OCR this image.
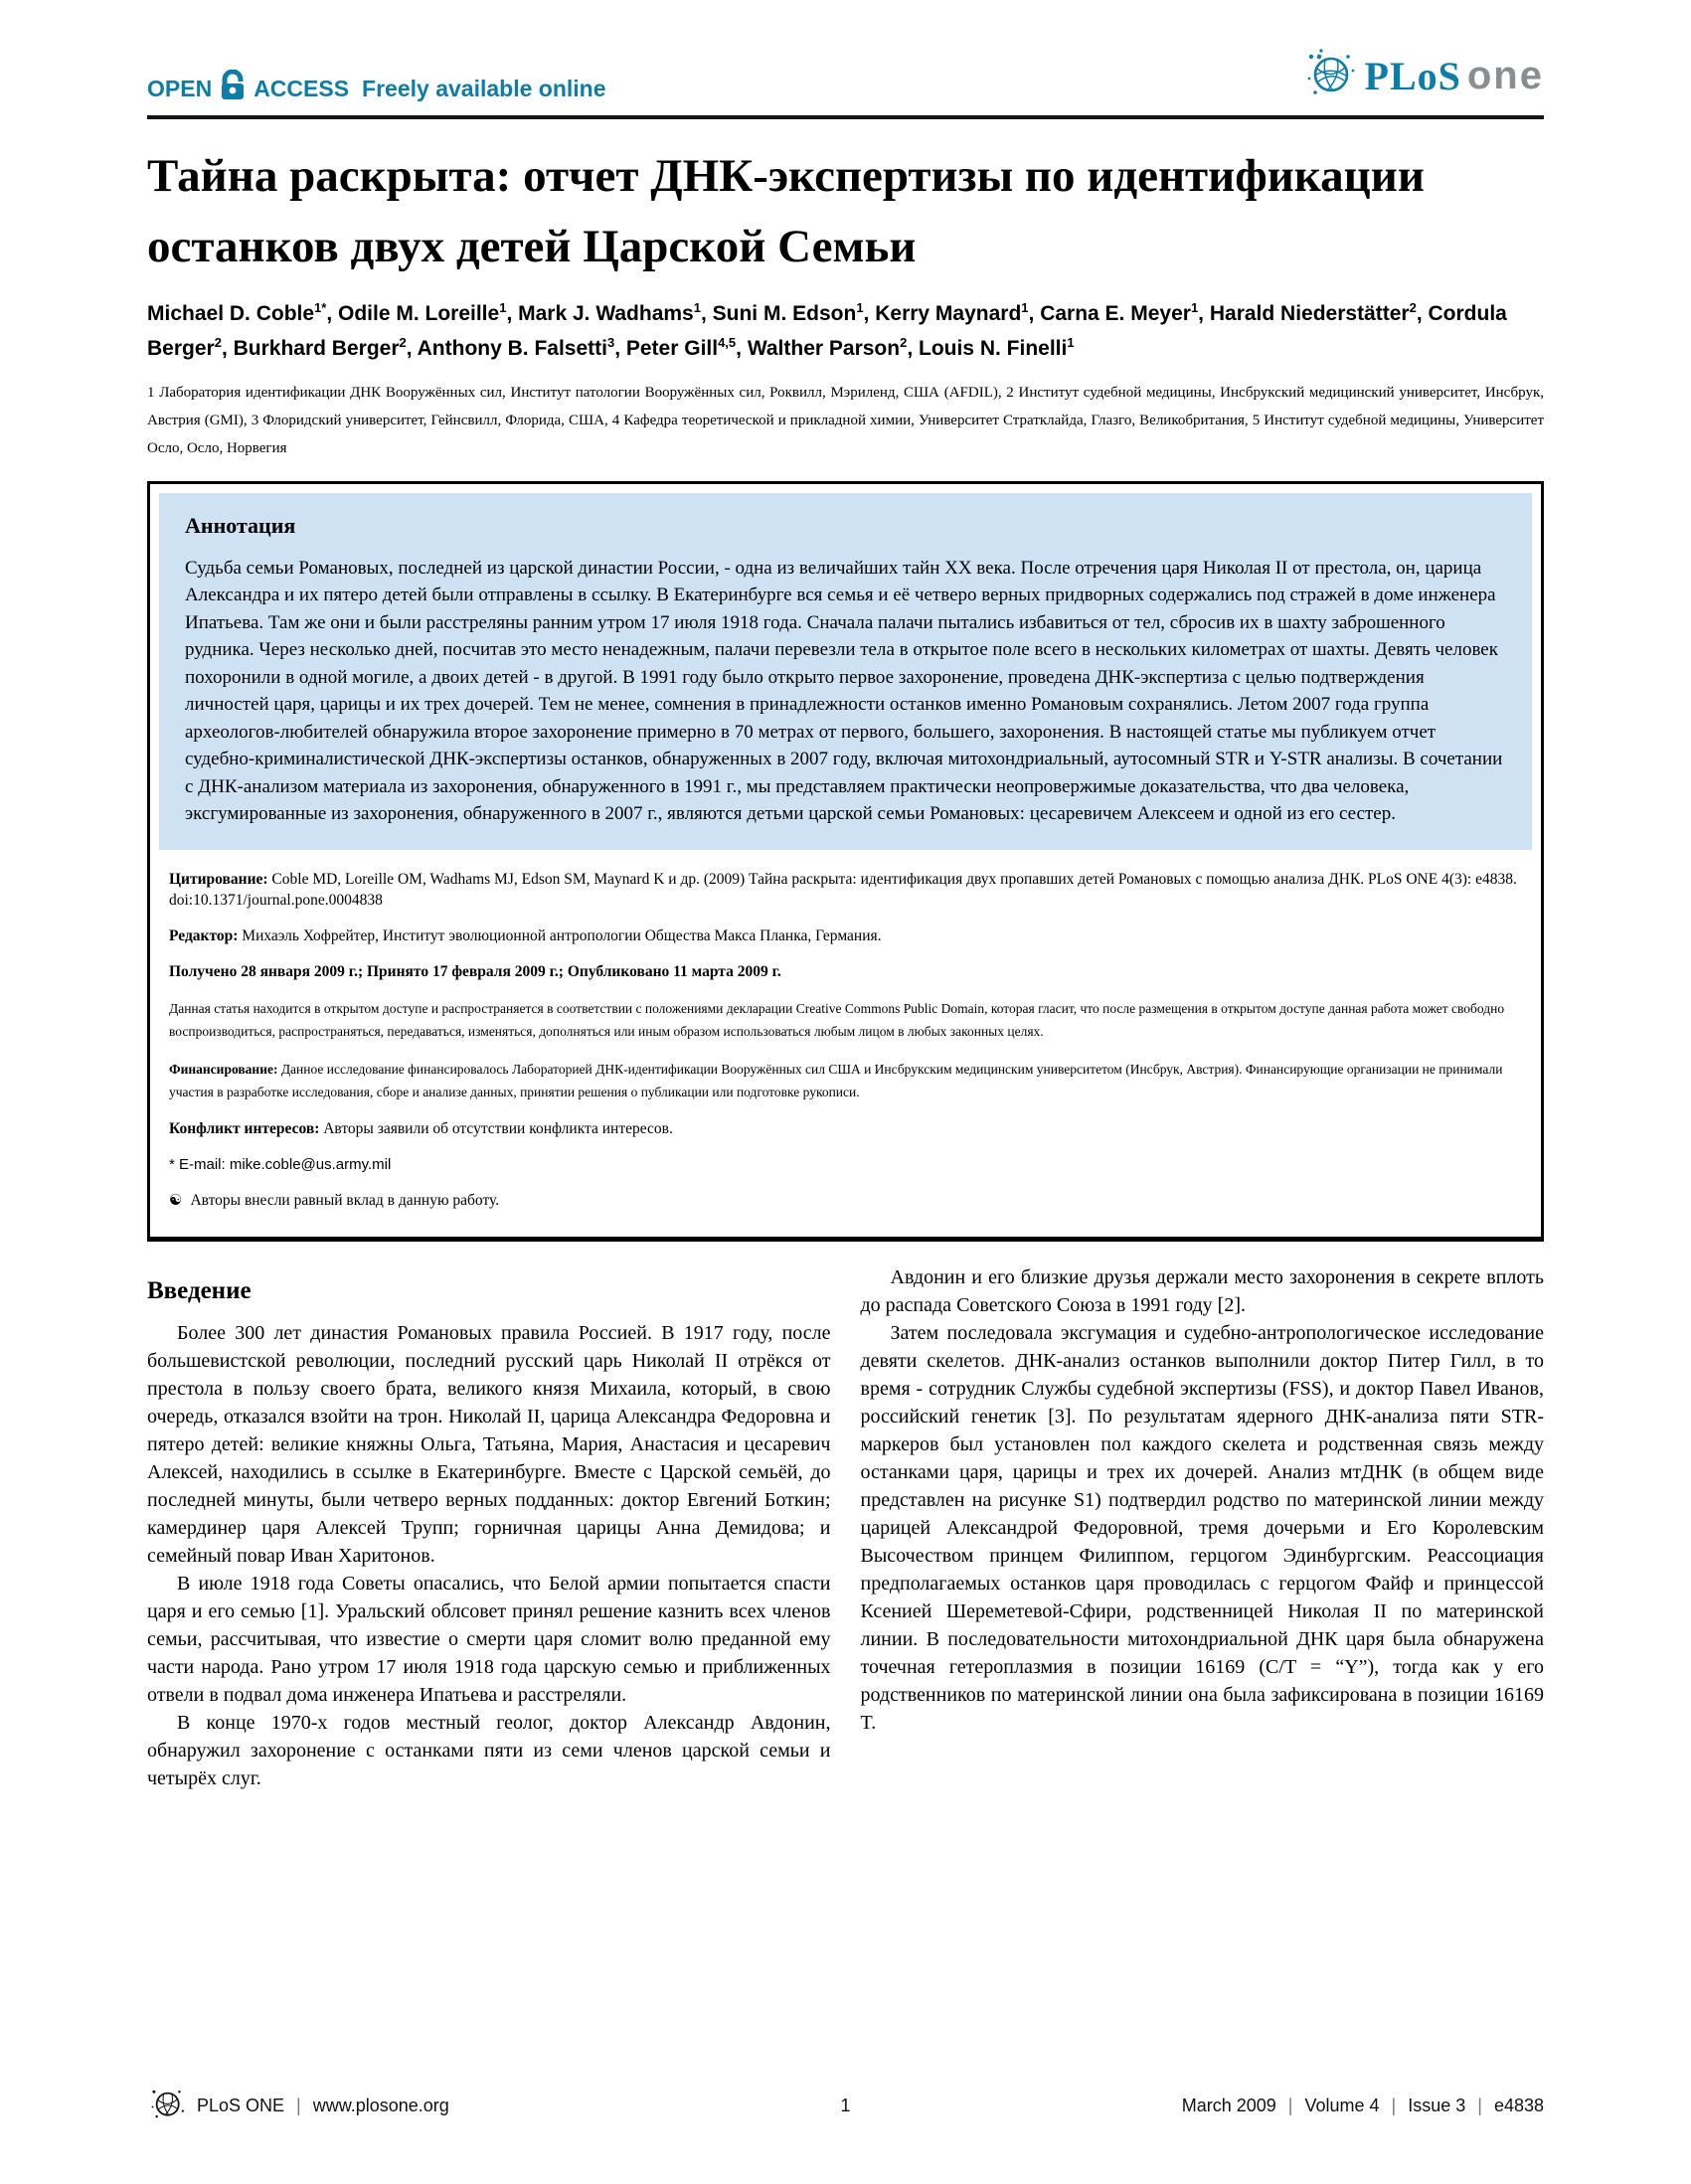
OPEN ACCESS Freely available online	PLoS one
Тайна раскрыта: отчет ДНК-экспертизы по идентификации останков двух детей Царской Семьи
Michael D. Coble$^{1*}$, Odile M. Loreille$^1$, Mark J. Wadhams$^1$, Suni M. Edson$^1$, Kerry Maynard$^1$, Carna E. Meyer$^1$, Harald Niederstätter$^2$, Cordula Berger$^2$, Burkhard Berger$^2$, Anthony B. Falsetti$^3$, Peter Gill$^{4,5}$, Walther Parson$^2$, Louis N. Finelli$^1$
1 Лаборатория идентификации ДНК Вооружённых сил, Институт патологии Вооружённых сил, Роквилл, Мэриленд, США (AFDIL), 2 Институт судебной медицины, Инсбрукский медицинский университет, Инсбрук, Австрия (GMI), 3 Флоридский университет, Гейнсвилл, Флорида, США, 4 Кафедра теоретической и прикладной химии, Университет Стратклайда, Глазго, Великобритания, 5 Институт судебной медицины, Университет Осло, Осло, Норвегия
Аннотация

Судьба семьи Романовых, последней из царской династии России, - одна из величайших тайн XX века. После отречения царя Николая II от престола, он, царица Александра и их пятеро детей были отправлены в ссылку. В Екатеринбурге вся семья и её четверо верных придворных содержались под стражей в доме инженера Ипатьева. Там же они и были расстреляны ранним утром 17 июля 1918 года. Сначала палачи пытались избавиться от тел, сбросив их в шахту заброшенного рудника. Через несколько дней, посчитав это место ненадежным, палачи перевезли тела в открытое поле всего в нескольких километрах от шахты. Девять человек похоронили в одной могиле, а двоих детей - в другой. В 1991 году было открыто первое захоронение, проведена ДНК-экспертиза с целью подтверждения личностей царя, царицы и их трех дочерей. Тем не менее, сомнения в принадлежности останков именно Романовым сохранялись. Летом 2007 года группа археологов-любителей обнаружила второе захоронение примерно в 70 метрах от первого, большего, захоронения. В настоящей статье мы публикуем отчет судебно-криминалистической ДНК-экспертизы останков, обнаруженных в 2007 году, включая митохондриальный, аутосомный STR и Y-STR анализы. В сочетании с ДНК-анализом материала из захоронения, обнаруженного в 1991 г., мы представляем практически неопровержимые доказательства, что два человека, эксгумированные из захоронения, обнаруженного в 2007 г., являются детьми царской семьи Романовых: цесаревичем Алексеем и одной из его сестер.

Цитирование: Coble MD, Loreille OM, Wadhams MJ, Edson SM, Maynard K и др. (2009) Тайна раскрыта: идентификация двух пропавших детей Романовых с помощью анализа ДНК. PLoS ONE 4(3): e4838. doi:10.1371/journal.pone.0004838

Редактор: Михаэль Хофрейтер, Институт эволюционной антропологии Общества Макса Планка, Германия.

Получено 28 января 2009 г.; Принято 17 февраля 2009 г.; Опубликовано 11 марта 2009 г.

Данная статья находится в открытом доступе и распространяется в соответствии с положениями декларации Creative Commons Public Domain, которая гласит, что после размещения в открытом доступе данная работа может свободно воспроизводиться, распространяться, передаваться, изменяться, дополняться или иным образом использоваться любым лицом в любых законных целях.

Финансирование: Данное исследование финансировалось Лабораторией ДНК-идентификации Вооружённых сил США и Инсбрукским медицинским университетом (Инсбрук, Австрия). Финансирующие организации не принимали участия в разработке исследования, сборе и анализе данных, принятии решения о публикации или подготовке рукописи.

Конфликт интересов: Авторы заявили об отсутствии конфликта интересов.

* E-mail: mike.coble@us.army.mil

☯ Авторы внесли равный вклад в данную работу.

Введение

Более 300 лет династия Романовых правила Россией. В 1917 году, после большевистской революции, последний русский царь Николай II отрёкся от престола в пользу своего брата, великого князя Михаила, который, в свою очередь, отказался взойти на трон. Николай II, царица Александра Федоровна и пятеро детей: великие княжны Ольга, Татьяна, Мария, Анастасия и цесаревич Алексей, находились в ссылке в Екатеринбурге. Вместе с Царской семьёй, до последней минуты, были четверо верных подданных: доктор Евгений Боткин; камердинер царя Алексей Трупп; горничная царицы Анна Демидова; и семейный повар Иван Харитонов.

В июле 1918 года Советы опасались, что Белой армии попытается спасти царя и его семью [1]. Уральский облсовет принял решение казнить всех членов семьи, рассчитывая, что известие о смерти царя сломит волю преданной ему части народа. Рано утром 17 июля 1918 года царскую семью и приближенных отвели в подвал дома инженера Ипатьева и расстреляли.

В конце 1970-х годов местный геолог, доктор Александр Авдонин, обнаружил захоронение с останками пяти из семи членов царской семьи и четырёх слуг.

Авдонин и его близкие друзья держали место захоронения в секрете вплоть до распада Советского Союза в 1991 году [2].

Затем последовала эксгумация и судебно-антропологическое исследование девяти скелетов. ДНК-анализ останков выполнили доктор Питер Гилл, в то время - сотрудник Службы судебной экспертизы (FSS), и доктор Павел Иванов, российский генетик [3]. По результатам ядерного ДНК-анализа пяти STR-маркеров был установлен пол каждого скелета и родственная связь между останками царя, царицы и трех их дочерей. Анализ мтДНК (в общем виде представлен на рисунке S1) подтвердил родство по материнской линии между царицей Александрой Федоровной, тремя дочерьми и Его Королевским Высочеством принцем Филиппом, герцогом Эдинбургским. Реассоциация предполагаемых останков царя проводилась с герцогом Файф и принцессой Ксенией Шереметевой-Сфири, родственницей Николая II по материнской линии. В последовательности митохондриальной ДНК царя была обнаружена точечная гетероплазмия в позиции 16169 (C/T = “Y”), тогда как у его родственников по материнской линии она была зафиксирована в позиции 16169 T.

PLoS ONE | www.plosone.org	1	March 2009 | Volume 4 | Issue 3 | e4838
